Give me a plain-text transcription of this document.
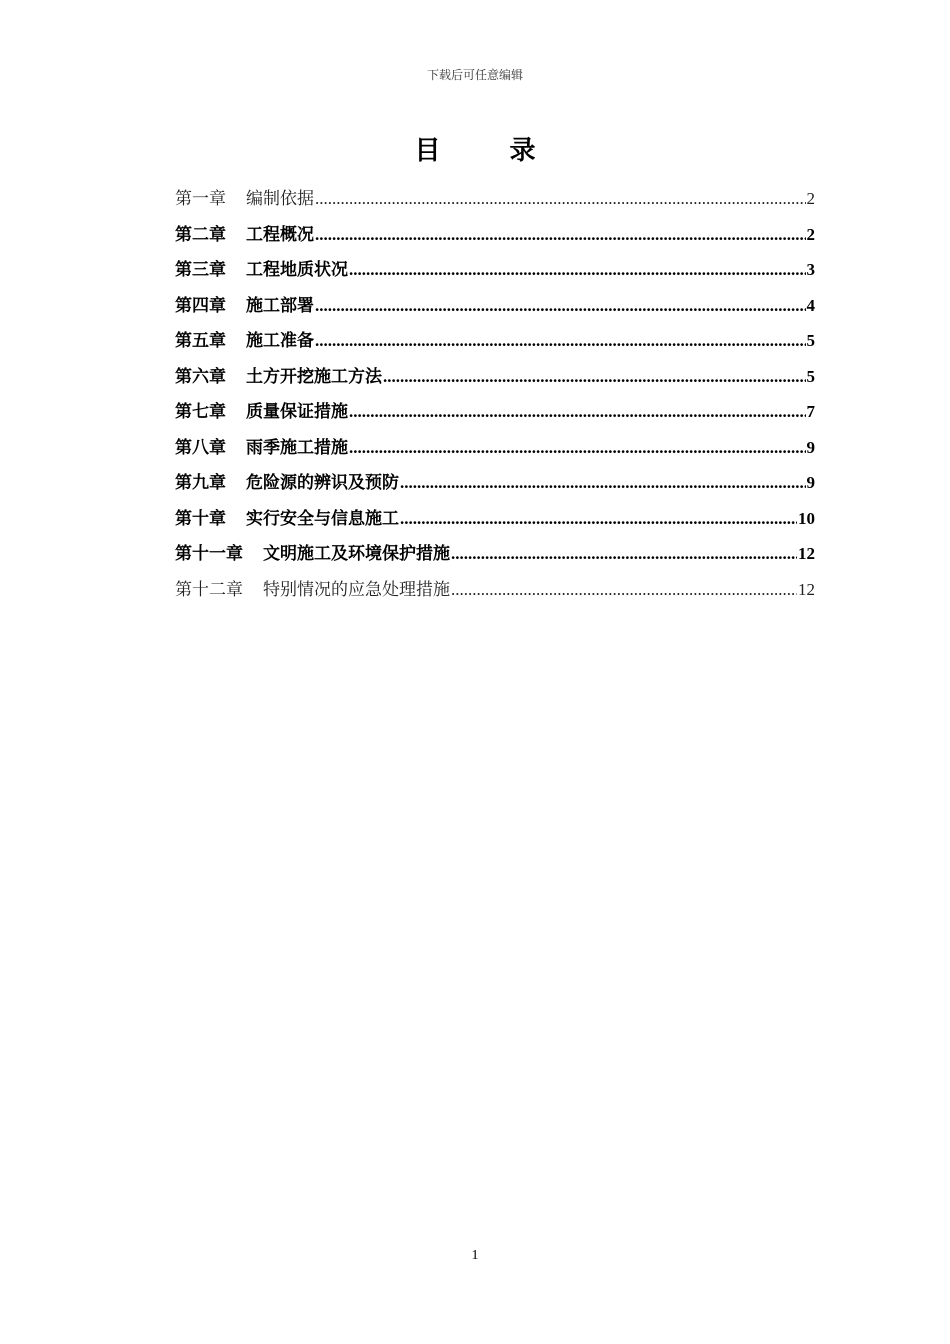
下载后可任意编辑
目 录
第一章 编制依据 .....	2
第二章 工程概况 .....	2
第三章 工程地质状况 .....	3
第四章 施工部署 .....	4
第五章 施工准备 .....	5
第六章 土方开挖施工方法 .....	5
第七章 质量保证措施 .....	7
第八章 雨季施工措施 .....	9
第九章 危险源的辨识及预防 .....	9
第十章 实行安全与信息施工 .....	10
第十一章 文明施工及环境保护措施 .....	12
第十二章 特别情况的应急处理措施 .....	12
1
